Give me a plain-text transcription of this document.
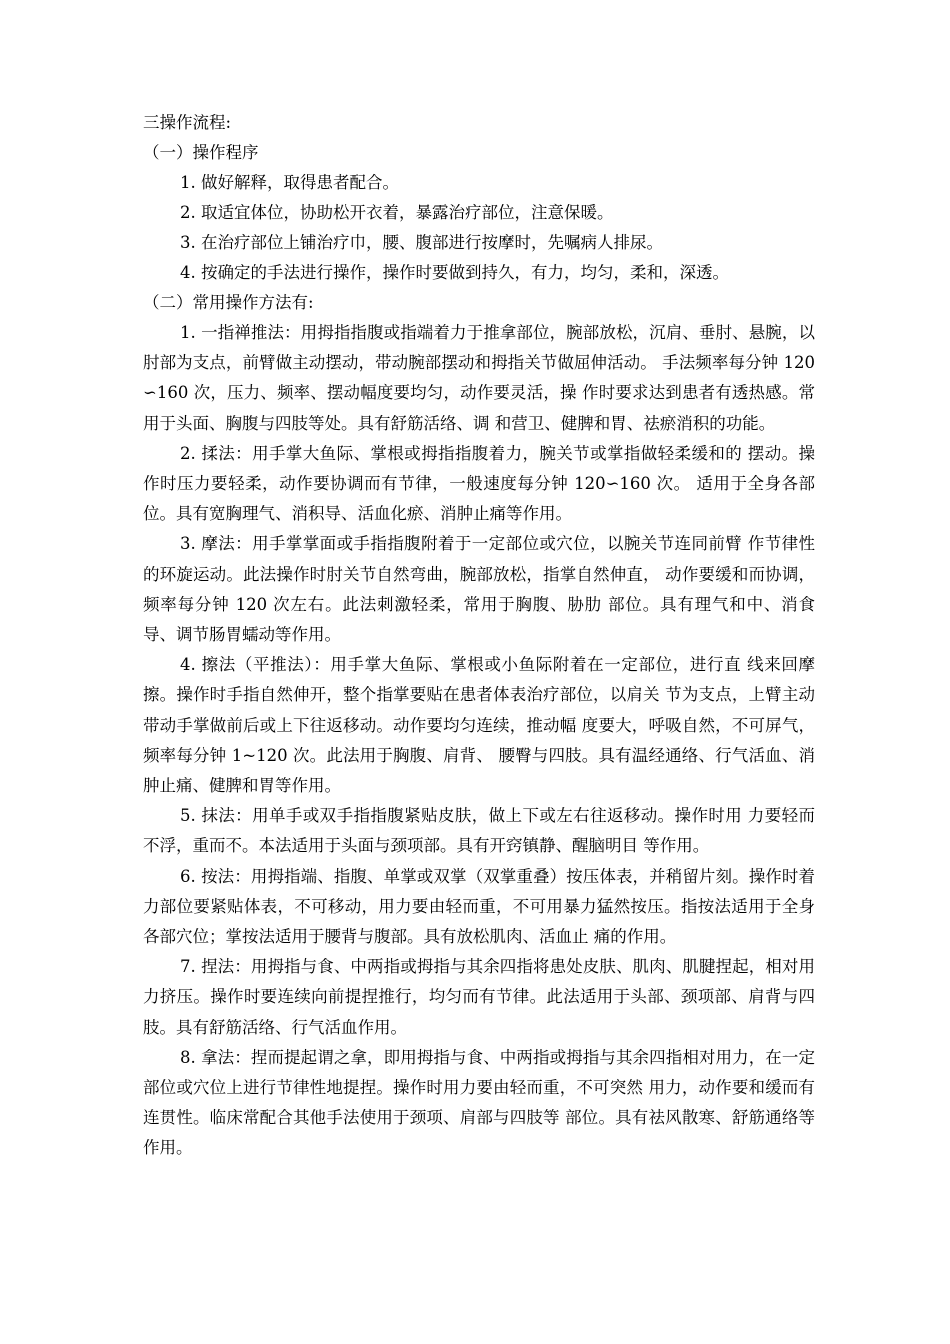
三操作流程:
（一）操作程序
1. 做好解释，取得患者配合。
2. 取适宜体位，协助松开衣着，暴露治疗部位，注意保暖。
3. 在治疗部位上铺治疗巾，腰、腹部进行按摩时，先嘱病人排尿。
4. 按确定的手法进行操作，操作时要做到持久，有力，均匀，柔和，深透。
（二）常用操作方法有:

1. 一指禅推法：用拇指指腹或指端着力于推拿部位，腕部放松，沉肩、垂肘、悬腕，以肘部为支点，前臂做主动摆动，带动腕部摆动和拇指关节做屈伸活动。 手法频率每分钟 120∽160 次，压力、频率、摆动幅度要均匀，动作要灵活，操 作时要求达到患者有透热感。常用于头面、胸腹与四肢等处。具有舒筋活络、调 和营卫、健脾和胃、祛瘀消积的功能。

2. 揉法：用手掌大鱼际、掌根或拇指指腹着力，腕关节或掌指做轻柔缓和的 摆动。操作时压力要轻柔，动作要协调而有节律，一般速度每分钟 120∽160 次。 适用于全身各部位。具有宽胸理气、消积导、活血化瘀、消肿止痛等作用。

3. 摩法：用手掌掌面或手指指腹附着于一定部位或穴位，以腕关节连同前臂 作节律性的环旋运动。此法操作时肘关节自然弯曲，腕部放松，指掌自然伸直， 动作要缓和而协调，频率每分钟 120 次左右。此法刺激轻柔，常用于胸腹、胁肋 部位。具有理气和中、消食导、调节肠胃蠕动等作用。

4. 擦法（平推法）：用手掌大鱼际、掌根或小鱼际附着在一定部位，进行直 线来回摩擦。操作时手指自然伸开，整个指掌要贴在患者体表治疗部位，以肩关 节为支点，上臂主动带动手掌做前后或上下往返移动。动作要均匀连续，推动幅 度要大，呼吸自然，不可屏气，频率每分钟 1~120 次。此法用于胸腹、肩背、 腰臀与四肢。具有温经通络、行气活血、消肿止痛、健脾和胃等作用。

5. 抹法：用单手或双手指指腹紧贴皮肤，做上下或左右往返移动。操作时用 力要轻而不浮，重而不。本法适用于头面与颈项部。具有开窍镇静、醒脑明目 等作用。

6. 按法：用拇指端、指腹、单掌或双掌（双掌重叠）按压体表，并稍留片刻。操作时着力部位要紧贴体表，不可移动，用力要由轻而重，不可用暴力猛然按压。指按法适用于全身各部穴位；掌按法适用于腰背与腹部。具有放松肌肉、活血止 痛的作用。

7. 捏法：用拇指与食、中两指或拇指与其余四指将患处皮肤、肌肉、肌腱捏起，相对用力挤压。操作时要连续向前提捏推行，均匀而有节律。此法适用于头部、颈项部、肩背与四肢。具有舒筋活络、行气活血作用。

8. 拿法：捏而提起谓之拿，即用拇指与食、中两指或拇指与其余四指相对用力，在一定部位或穴位上进行节律性地提捏。操作时用力要由轻而重，不可突然 用力，动作要和缓而有连贯性。临床常配合其他手法使用于颈项、肩部与四肢等 部位。具有祛风散寒、舒筋通络等作用。
